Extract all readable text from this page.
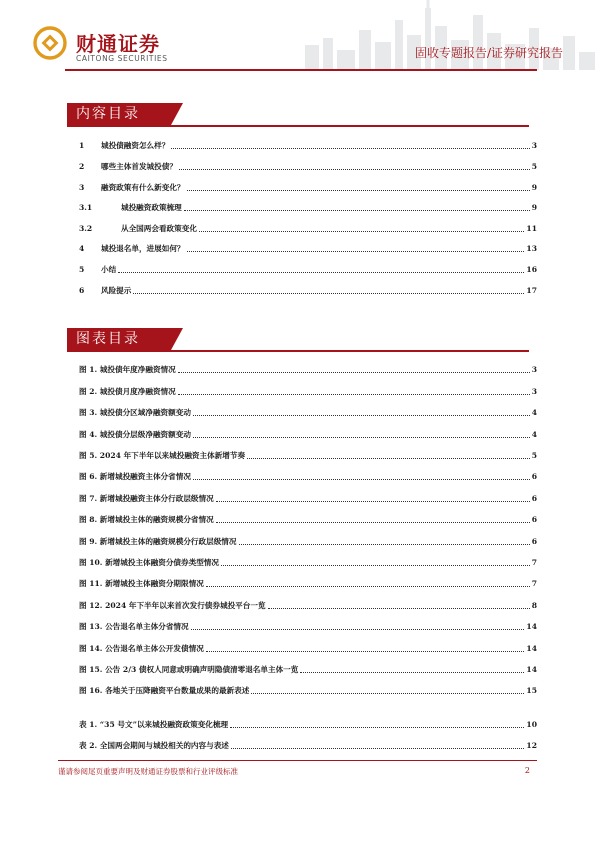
财通证券
CAITONG SECURITIES	固收专题报告/证券研究报告
内容目录
1	城投债融资怎么样？	3
2	哪些主体首发城投债？	5
3	融资政策有什么新变化？	9
3.1	城投融资政策梳理	9
3.2	从全国两会看政策变化	11
4	城投退名单，进展如何？	13
5	小结	16
6	风险提示	17
图表目录
图 1. 城投债年度净融资情况	3
图 2. 城投债月度净融资情况	3
图 3. 城投债分区域净融资额变动	4
图 4. 城投债分层级净融资额变动	4
图 5. 2024 年下半年以来城投融资主体新增节奏	5
图 6. 新增城投融资主体分省情况	6
图 7. 新增城投融资主体分行政层级情况	6
图 8. 新增城投主体的融资规模分省情况	6
图 9. 新增城投主体的融资规模分行政层级情况	6
图 10. 新增城投主体融资分债券类型情况	7
图 11. 新增城投主体融资分期限情况	7
图 12. 2024 年下半年以来首次发行债券城投平台一览	8
图 13. 公告退名单主体分省情况	14
图 14. 公告退名单主体公开发债情况	14
图 15. 公告 2/3 债权人同意或明确声明隐债清零退名单主体一览	14
图 16. 各地关于压降融资平台数量成果的最新表述	15
表 1. “35 号文”以来城投融资政策变化梳理	10
表 2. 全国两会期间与城投相关的内容与表述	12
谨请参阅尾页重要声明及财通证券股票和行业评级标准	2
